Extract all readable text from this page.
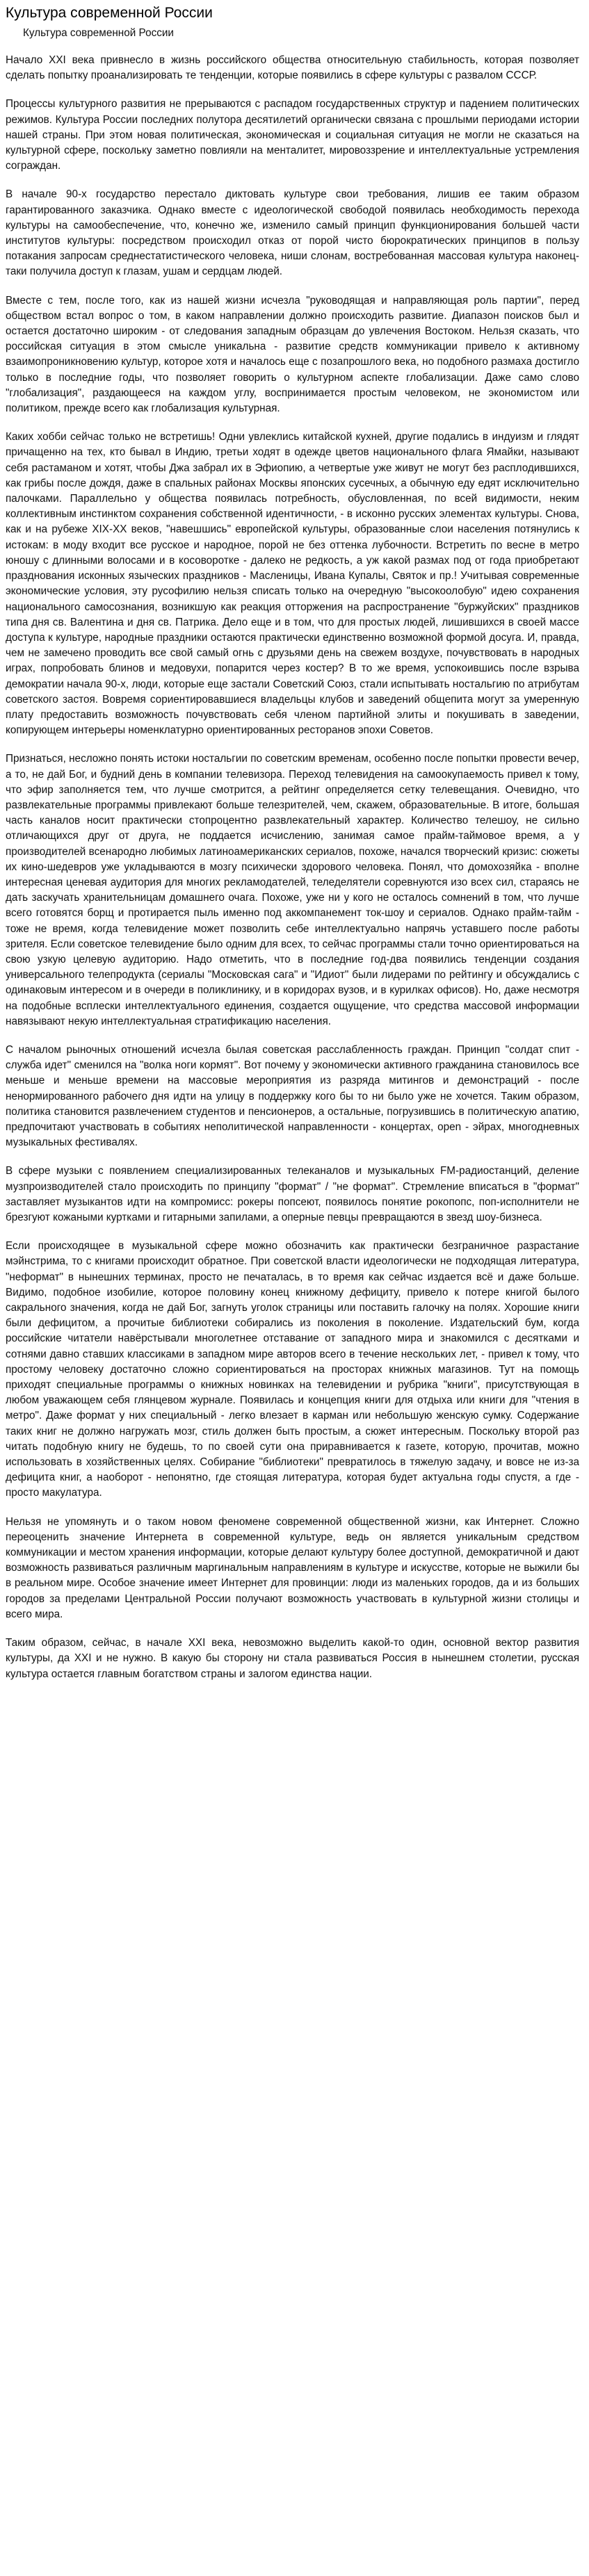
Культура современной России
Культура современной России

Начало XXI века привнесло в жизнь российского общества относительную стабильность, которая позволяет сделать попытку проанализировать те тенденции, которые появились в сфере культуры с развалом СССР.

Процессы культурного развития не прерываются с распадом государственных структур и падением политических режимов. Культура России последних полутора десятилетий органически связана с прошлыми периодами истории нашей страны. При этом новая политическая, экономическая и социальная ситуация не могли не сказаться на культурной сфере, поскольку заметно повлияли на менталитет, мировоззрение и интеллектуальные устремления сограждан.

В начале 90-х государство перестало диктовать культуре свои требования, лишив ее таким образом гарантированного заказчика. Однако вместе с идеологической свободой появилась необходимость перехода культуры на самообеспечение, что, конечно же, изменило самый принцип функционирования большей части институтов культуры: посредством происходил отказ от порой чисто бюрократических принципов в пользу потакания запросам среднестатистического человека, ниши слонам, востребованная массовая культура наконец-таки получила доступ к глазам, ушам и сердцам людей.

Вместе с тем, после того, как из нашей жизни исчезла "руководящая и направляющая роль партии", перед обществом встал вопрос о том, в каком направлении должно происходить развитие. Диапазон поисков был и остается достаточно широким - от следования западным образцам до увлечения Востоком. Нельзя сказать, что российская ситуация в этом смысле уникальна - развитие средств коммуникации привело к активному взаимопроникновению культур, которое хотя и началось еще с позапрошлого века, но подобного размаха достигло только в последние годы, что позволяет говорить о культурном аспекте глобализации. Даже само слово "глобализация", раздающееся на каждом углу, воспринимается простым человеком, не экономистом или политиком, прежде всего как глобализация культурная.

Каких хобби сейчас только не встретишь! Одни увлеклись китайской кухней, другие подались в индуизм и глядят причащенно на тех, кто бывал в Индию, третьи ходят в одежде цветов национального флага Ямайки, называют себя растаманом и хотят, чтобы Джа забрал их в Эфиопию, а четвертые уже живут не могут без расплодившихся, как грибы после дождя, даже в спальных районах Москвы японских сусечных, а обычную еду едят исключительно палочками. Параллельно у общества появилась потребность, обусловленная, по всей видимости, неким коллективным инстинктом сохранения собственной идентичности, - в исконно русских элементах культуры. Снова, как и на рубеже XIX-XX веков, "навешшись" европейской культуры, образованные слои населения потянулись к истокам: в моду входит все русское и народное, порой не без оттенка лубочности. Встретить по весне в метро юношу с длинными волосами и в косоворотке - далеко не редкость, а уж какой размах под от года приобретают празднования исконных языческих праздников - Масленицы, Ивана Купалы, Святок и пр.! Учитывая современные экономические условия, эту русофилию нельзя списать только на очередную "высокоолобую" идею сохранения национального самосознания, возникшую как реакция отторжения на распространение "буржуйских" праздников типа дня св. Валентина и дня св. Патрика. Дело еще и в том, что для простых людей, лишившихся в своей массе доступа к культуре, народные праздники остаются практически единственно возможной формой досуга. И, правда, чем не замечено проводить все свой самый огнь с друзьями день на свежем воздухе, почувствовать в народных играх, попробовать блинов и медовухи, попарится через костер? В то же время, успокоившись после взрыва демократии начала 90-х, люди, которые еще застали Советский Союз, стали испытывать ностальгию по атрибутам советского застоя. Вовремя сориентировавшиеся владельцы клубов и заведений общепита могут за умеренную плату предоставить возможность почувствовать себя членом партийной элиты и покушивать в заведении, копирующем интерьеры номенклатурно ориентированных ресторанов эпохи Советов.

Признаться, несложно понять истоки ностальгии по советским временам, особенно после попытки провести вечер, а то, не дай Бог, и будний день в компании телевизора. Переход телевидения на самоокупаемость привел к тому, что эфир заполняется тем, что лучше смотрится, а рейтинг определяется сетку телевещания. Очевидно, что развлекательные программы привлекают больше телезрителей, чем, скажем, образовательные. В итоге, большая часть каналов носит практически стопроцентно развлекательный характер. Количество телешоу, не сильно отличающихся друг от друга, не поддается исчислению, занимая самое прайм-таймовое время, а у производителей всенародно любимых латиноамериканских сериалов, похоже, начался творческий кризис: сюжеты их кино-шедевров уже укладываются в мозгу психически здорового человека. Понял, что домохозяйка - вполне интересная ценевая аудитория для многих рекламодателей, теледелятели соревнуются изо всех сил, стараясь не дать заскучать хранительницам домашнего очага. Похоже, уже ни у кого не осталось сомнений в том, что лучше всего готовятся борщ и протирается пыль именно под аккомпанемент ток-шоу и сериалов. Однако прайм-тайм - тоже не время, когда телевидение может позволить себе интеллектуально напрячь уставшего после работы зрителя. Если советское телевидение было одним для всех, то сейчас программы стали точно ориентироваться на свою узкую целевую аудиторию. Надо отметить, что в последние год-два появились тенденции создания универсального телепродукта (сериалы "Московская сага" и "Идиот" были лидерами по рейтингу и обсуждались с одинаковым интересом и в очереди в поликлинику, и в коридорах вузов, и в курилках офисов). Но, даже несмотря на подобные всплески интеллектуального единения, создается ощущение, что средства массовой информации навязывают некую интеллектуальная стратификацию населения.

С началом рыночных отношений исчезла былая советская расслабленность граждан. Принцип "солдат спит - служба идет" сменился на "волка ноги кормят". Вот почему у экономически активного гражданина становилось все меньше и меньше времени на массовые мероприятия из разряда митингов и демонстраций - после ненормированного рабочего дня идти на улицу в поддержку кого бы то ни было уже не хочется. Таким образом, политика становится развлечением студентов и пенсионеров, а остальные, погрузившись в политическую апатию, предпочитают участвовать в событиях неполитической направленности - концертах, open - эйрах, многодневных музыкальных фестивалях.

В сфере музыки с появлением специализированных телеканалов и музыкальных FM-радиостанций, деление музпроизводителей стало происходить по принципу "формат" / "не формат". Стремление вписаться в "формат" заставляет музыкантов идти на компромисс: рокеры попсеют, появилось понятие рокопопс, поп-исполнители не брезгуют кожаными куртками и гитарными запилами, а оперные певцы превращаются в звезд шоу-бизнеса.

Если происходящее в музыкальной сфере можно обозначить как практически безграничное разрастание мэйнстрима, то с книгами происходит обратное. При советской власти идеологически не подходящая литература, "неформат" в нынешних терминах, просто не печаталась, в то время как сейчас издается всё и даже больше. Видимо, подобное изобилие, которое половину конец книжному дефициту, привело к потере книгой былого сакрального значения, когда не дай Бог, загнуть уголок страницы или поставить галочку на полях. Хорошие книги были дефицитом, а прочитые библиотеки собирались из поколения в поколение. Издательский бум, когда российские читатели навёрстывали многолетнее отставание от западного мира и знакомился с десятками и сотнями давно ставших классиками в западном мире авторов всего в течение нескольких лет, - привел к тому, что простому человеку достаточно сложно сориентироваться на просторах книжных магазинов. Тут на помощь приходят специальные программы о книжных новинках на телевидении и рубрика "книги", присутствующая в любом уважающем себя глянцевом журнале. Появилась и концепция книги для отдыха или книги для "чтения в метро". Даже формат у них специальный - легко влезает в карман или небольшую женскую сумку. Содержание таких книг не должно нагружать мозг, стиль должен быть простым, а сюжет интересным. Поскольку второй раз читать подобную книгу не будешь, то по своей сути она приравнивается к газете, которую, прочитав, можно использовать в хозяйственных целях. Собирание "библиотеки" превратилось в тяжелую задачу, и вовсе не из-за дефицита книг, а наоборот - непонятно, где стоящая литература, которая будет актуальна годы спустя, а где - просто макулатура.

Нельзя не упомянуть и о таком новом феномене современной общественной жизни, как Интернет. Сложно переоценить значение Интернета в современной культуре, ведь он является уникальным средством коммуникации и местом хранения информации, которые делают культуру более доступной, демократичной и дают возможность развиваться различным маргинальным направлениям в культуре и искусстве, которые не выжили бы в реальном мире. Особое значение имеет Интернет для провинции: люди из маленьких городов, да и из больших городов за пределами Центральной России получают возможность участвовать в культурной жизни столицы и всего мира.

Таким образом, сейчас, в начале XXI века, невозможно выделить какой-то один, основной вектор развития культуры, да XXI и не нужно. В какую бы сторону ни стала развиваться Россия в нынешнем столетии, русская культура остается главным богатством страны и залогом единства нации.
